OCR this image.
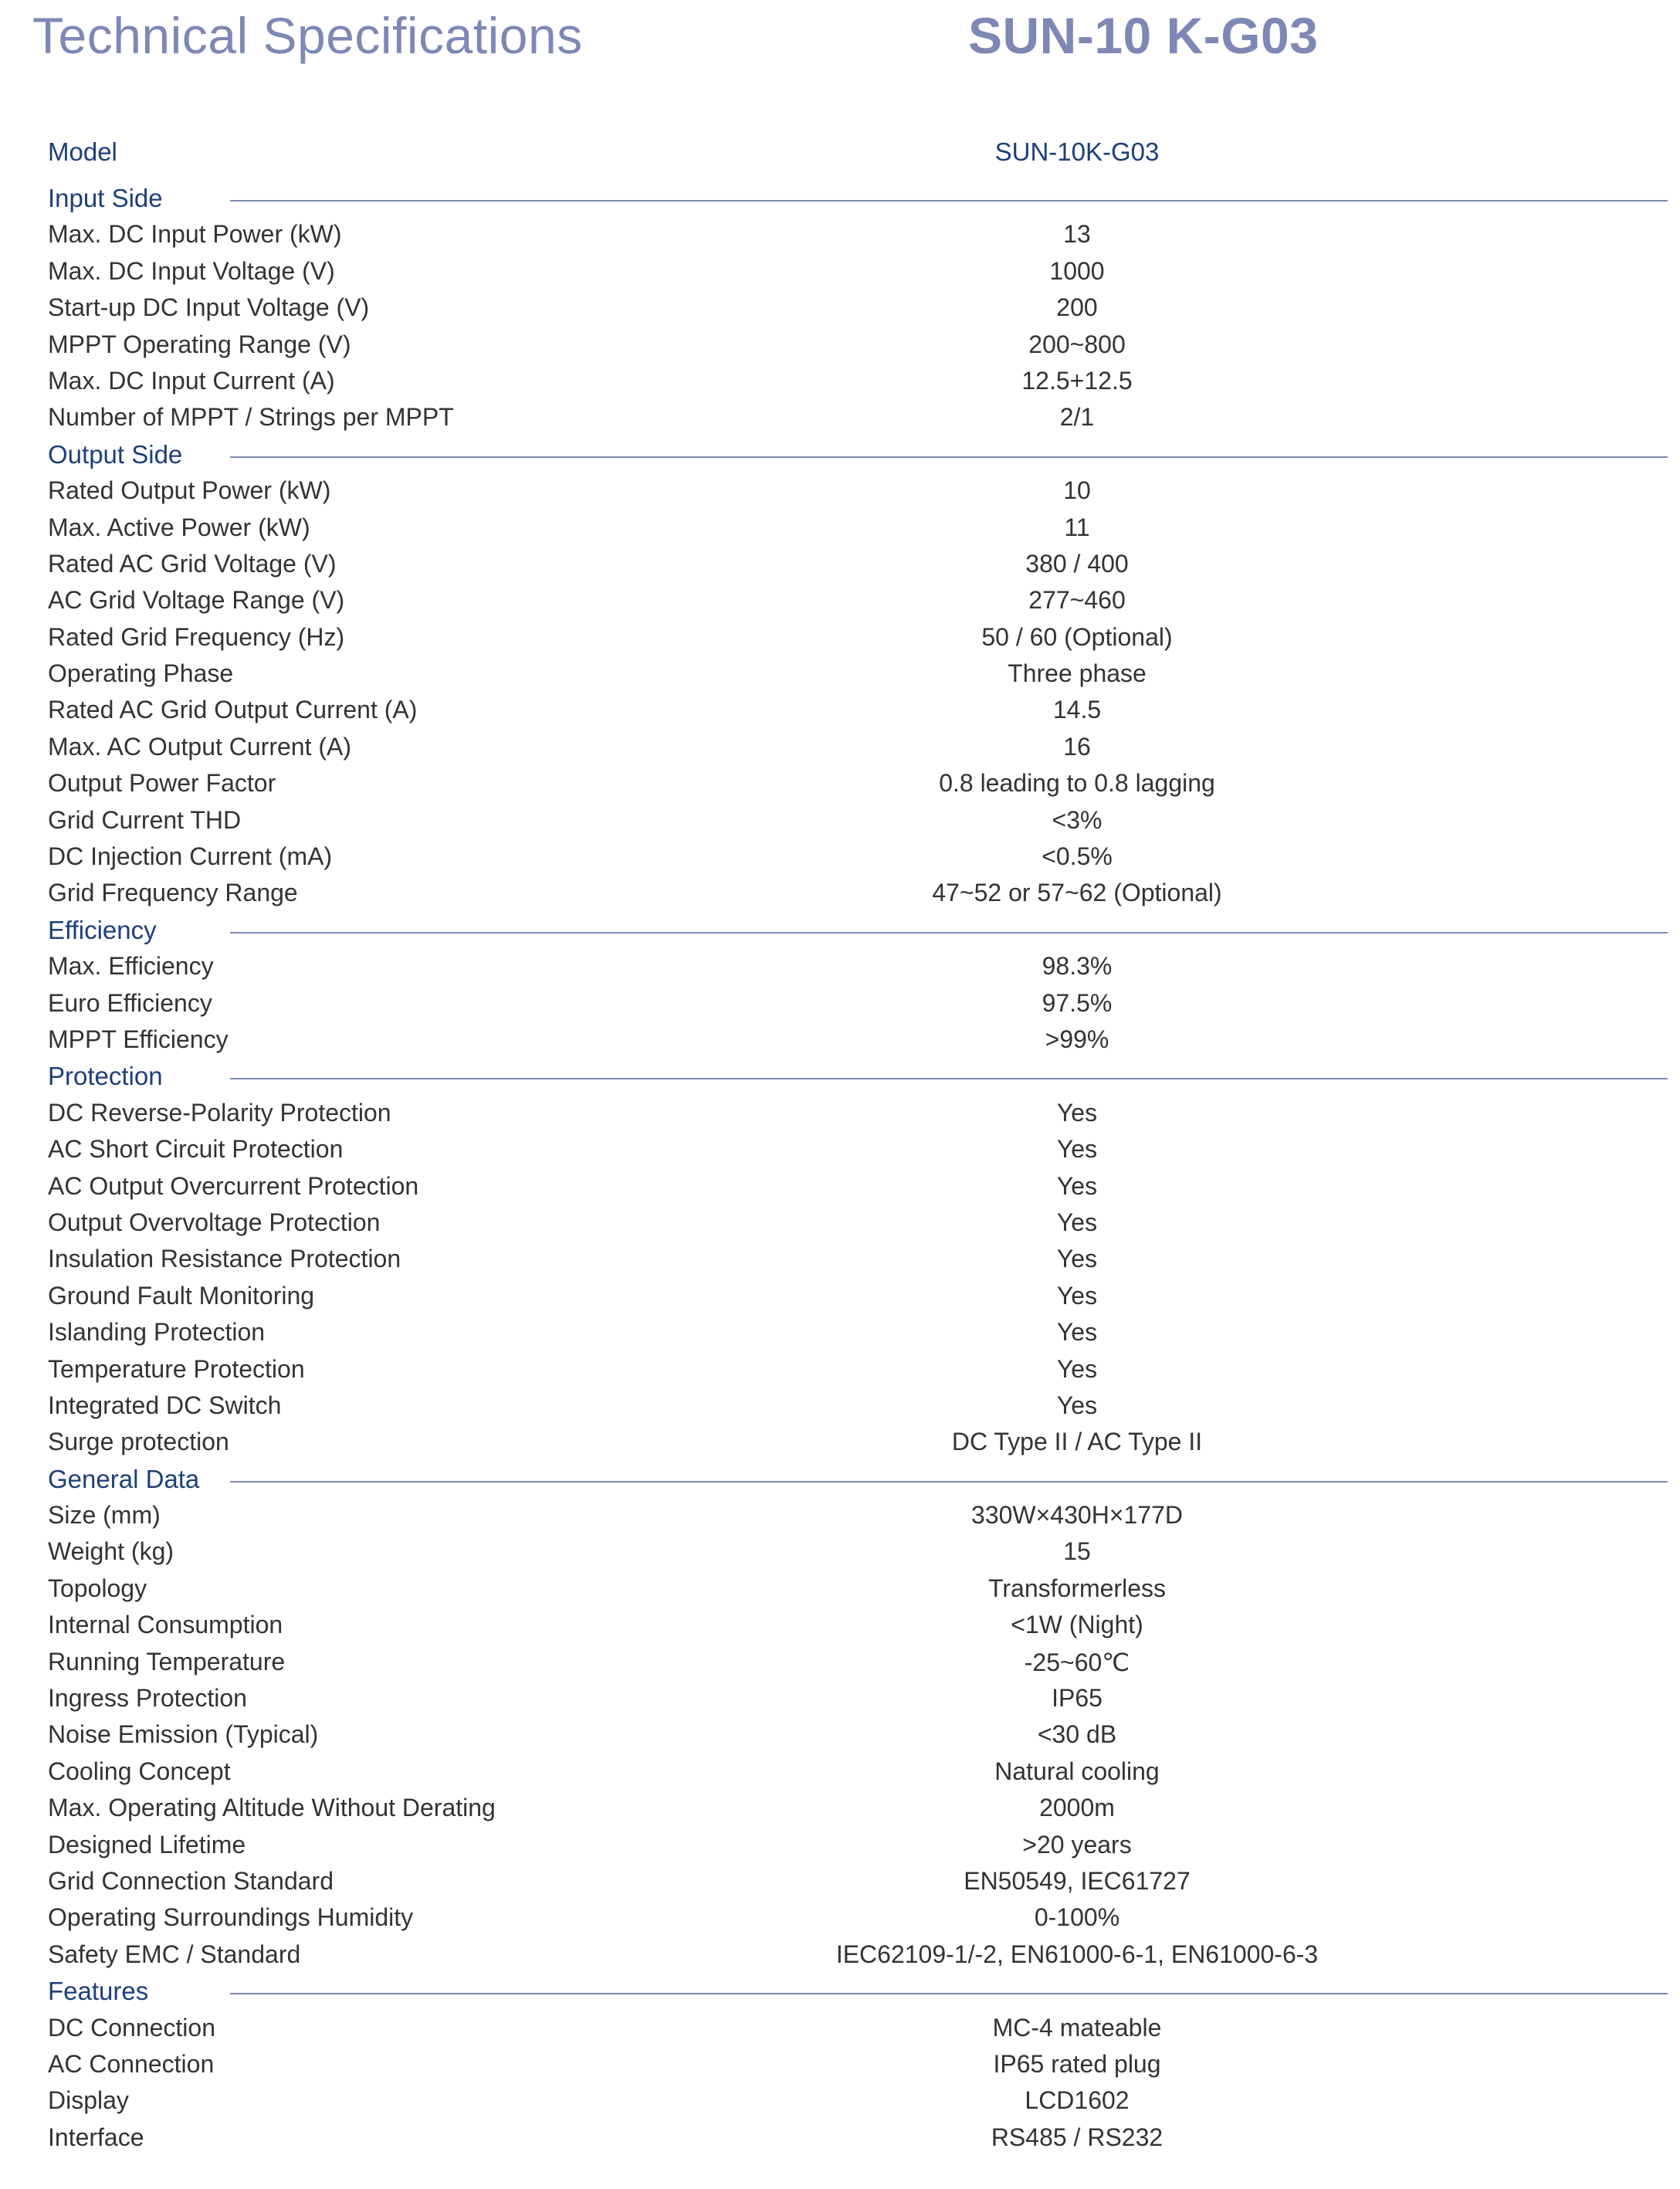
Technical Specifications	SUN-10 K-G03
Model	SUN-10K-G03
Input Side
Max. DC Input Power (kW)	13
Max. DC Input Voltage (V)	1000
Start-up DC Input Voltage (V)	200
MPPT Operating Range (V)	200~800
Max. DC Input Current (A)	12.5+12.5
Number of MPPT / Strings per MPPT	2/1
Output Side
Rated Output Power (kW)	10
Max. Active Power (kW)	11
Rated AC Grid Voltage (V)	380 / 400
AC Grid Voltage Range (V)	277~460
Rated Grid Frequency (Hz)	50 / 60 (Optional)
Operating Phase	Three phase
Rated AC Grid Output Current (A)	14.5
Max. AC Output Current (A)	16
Output Power Factor	0.8 leading to 0.8 lagging
Grid Current THD	<3%
DC Injection Current (mA)	<0.5%
Grid Frequency Range	47~52 or 57~62 (Optional)
Efficiency
Max. Efficiency	98.3%
Euro Efficiency	97.5%
MPPT Efficiency	>99%
Protection
DC Reverse-Polarity Protection	Yes
AC Short Circuit Protection	Yes
AC Output Overcurrent Protection	Yes
Output Overvoltage Protection	Yes
Insulation Resistance Protection	Yes
Ground Fault Monitoring	Yes
Islanding Protection	Yes
Temperature Protection	Yes
Integrated DC Switch	Yes
Surge protection	DC Type II / AC Type II
General Data
Size (mm)	330W×430H×177D
Weight (kg)	15
Topology	Transformerless
Internal Consumption	<1W (Night)
Running Temperature	-25~60℃
Ingress Protection	IP65
Noise Emission (Typical)	<30 dB
Cooling Concept	Natural cooling
Max. Operating Altitude Without Derating	2000m
Designed Lifetime	>20 years
Grid Connection Standard	EN50549, IEC61727
Operating Surroundings Humidity	0-100%
Safety EMC / Standard	IEC62109-1/-2, EN61000-6-1, EN61000-6-3
Features
DC Connection	MC-4 mateable
AC Connection	IP65 rated plug
Display	LCD1602
Interface	RS485 / RS232
